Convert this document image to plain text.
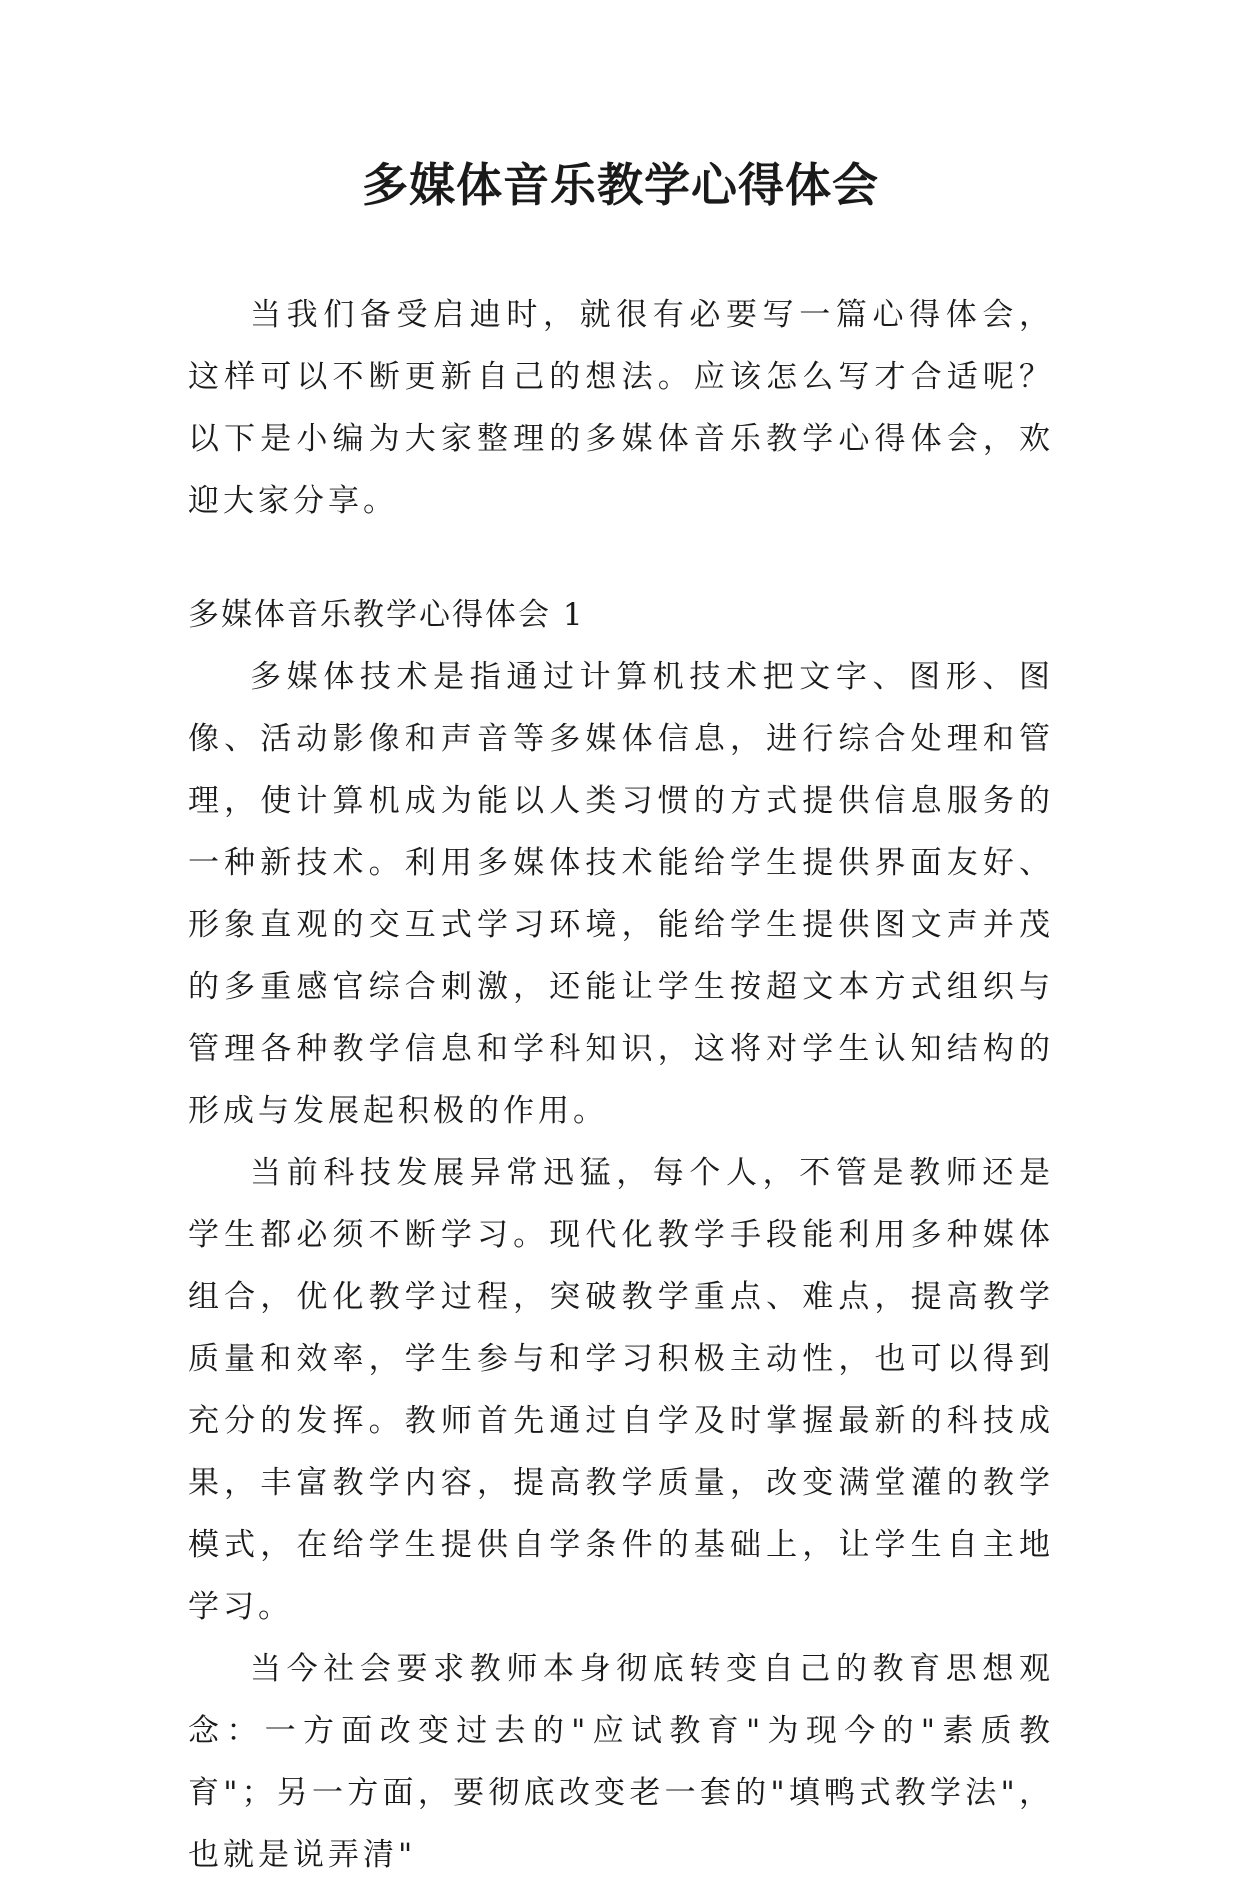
多媒体音乐教学心得体会

当我们备受启迪时，就很有必要写一篇心得体会，这样可以不断更新自己的想法。应该怎么写才合适呢？以下是小编为大家整理的多媒体音乐教学心得体会，欢迎大家分享。

多媒体音乐教学心得体会 1

多媒体技术是指通过计算机技术把文字、图形、图像、活动影像和声音等多媒体信息，进行综合处理和管理，使计算机成为能以人类习惯的方式提供信息服务的一种新技术。利用多媒体技术能给学生提供界面友好、形象直观的交互式学习环境，能给学生提供图文声并茂的多重感官综合刺激，还能让学生按超文本方式组织与管理各种教学信息和学科知识，这将对学生认知结构的形成与发展起积极的作用。

当前科技发展异常迅猛，每个人，不管是教师还是学生都必须不断学习。现代化教学手段能利用多种媒体组合，优化教学过程，突破教学重点、难点，提高教学质量和效率，学生参与和学习积极主动性，也可以得到充分的发挥。教师首先通过自学及时掌握最新的科技成果，丰富教学内容，提高教学质量，改变满堂灌的教学模式，在给学生提供自学条件的基础上，让学生自主地学习。

当今社会要求教师本身彻底转变自己的教育思想观念：一方面改变过去的"应试教育"为现今的"素质教育"；另一方面，要彻底改变老一套的"填鸭式教学法"，也就是说弄清"
